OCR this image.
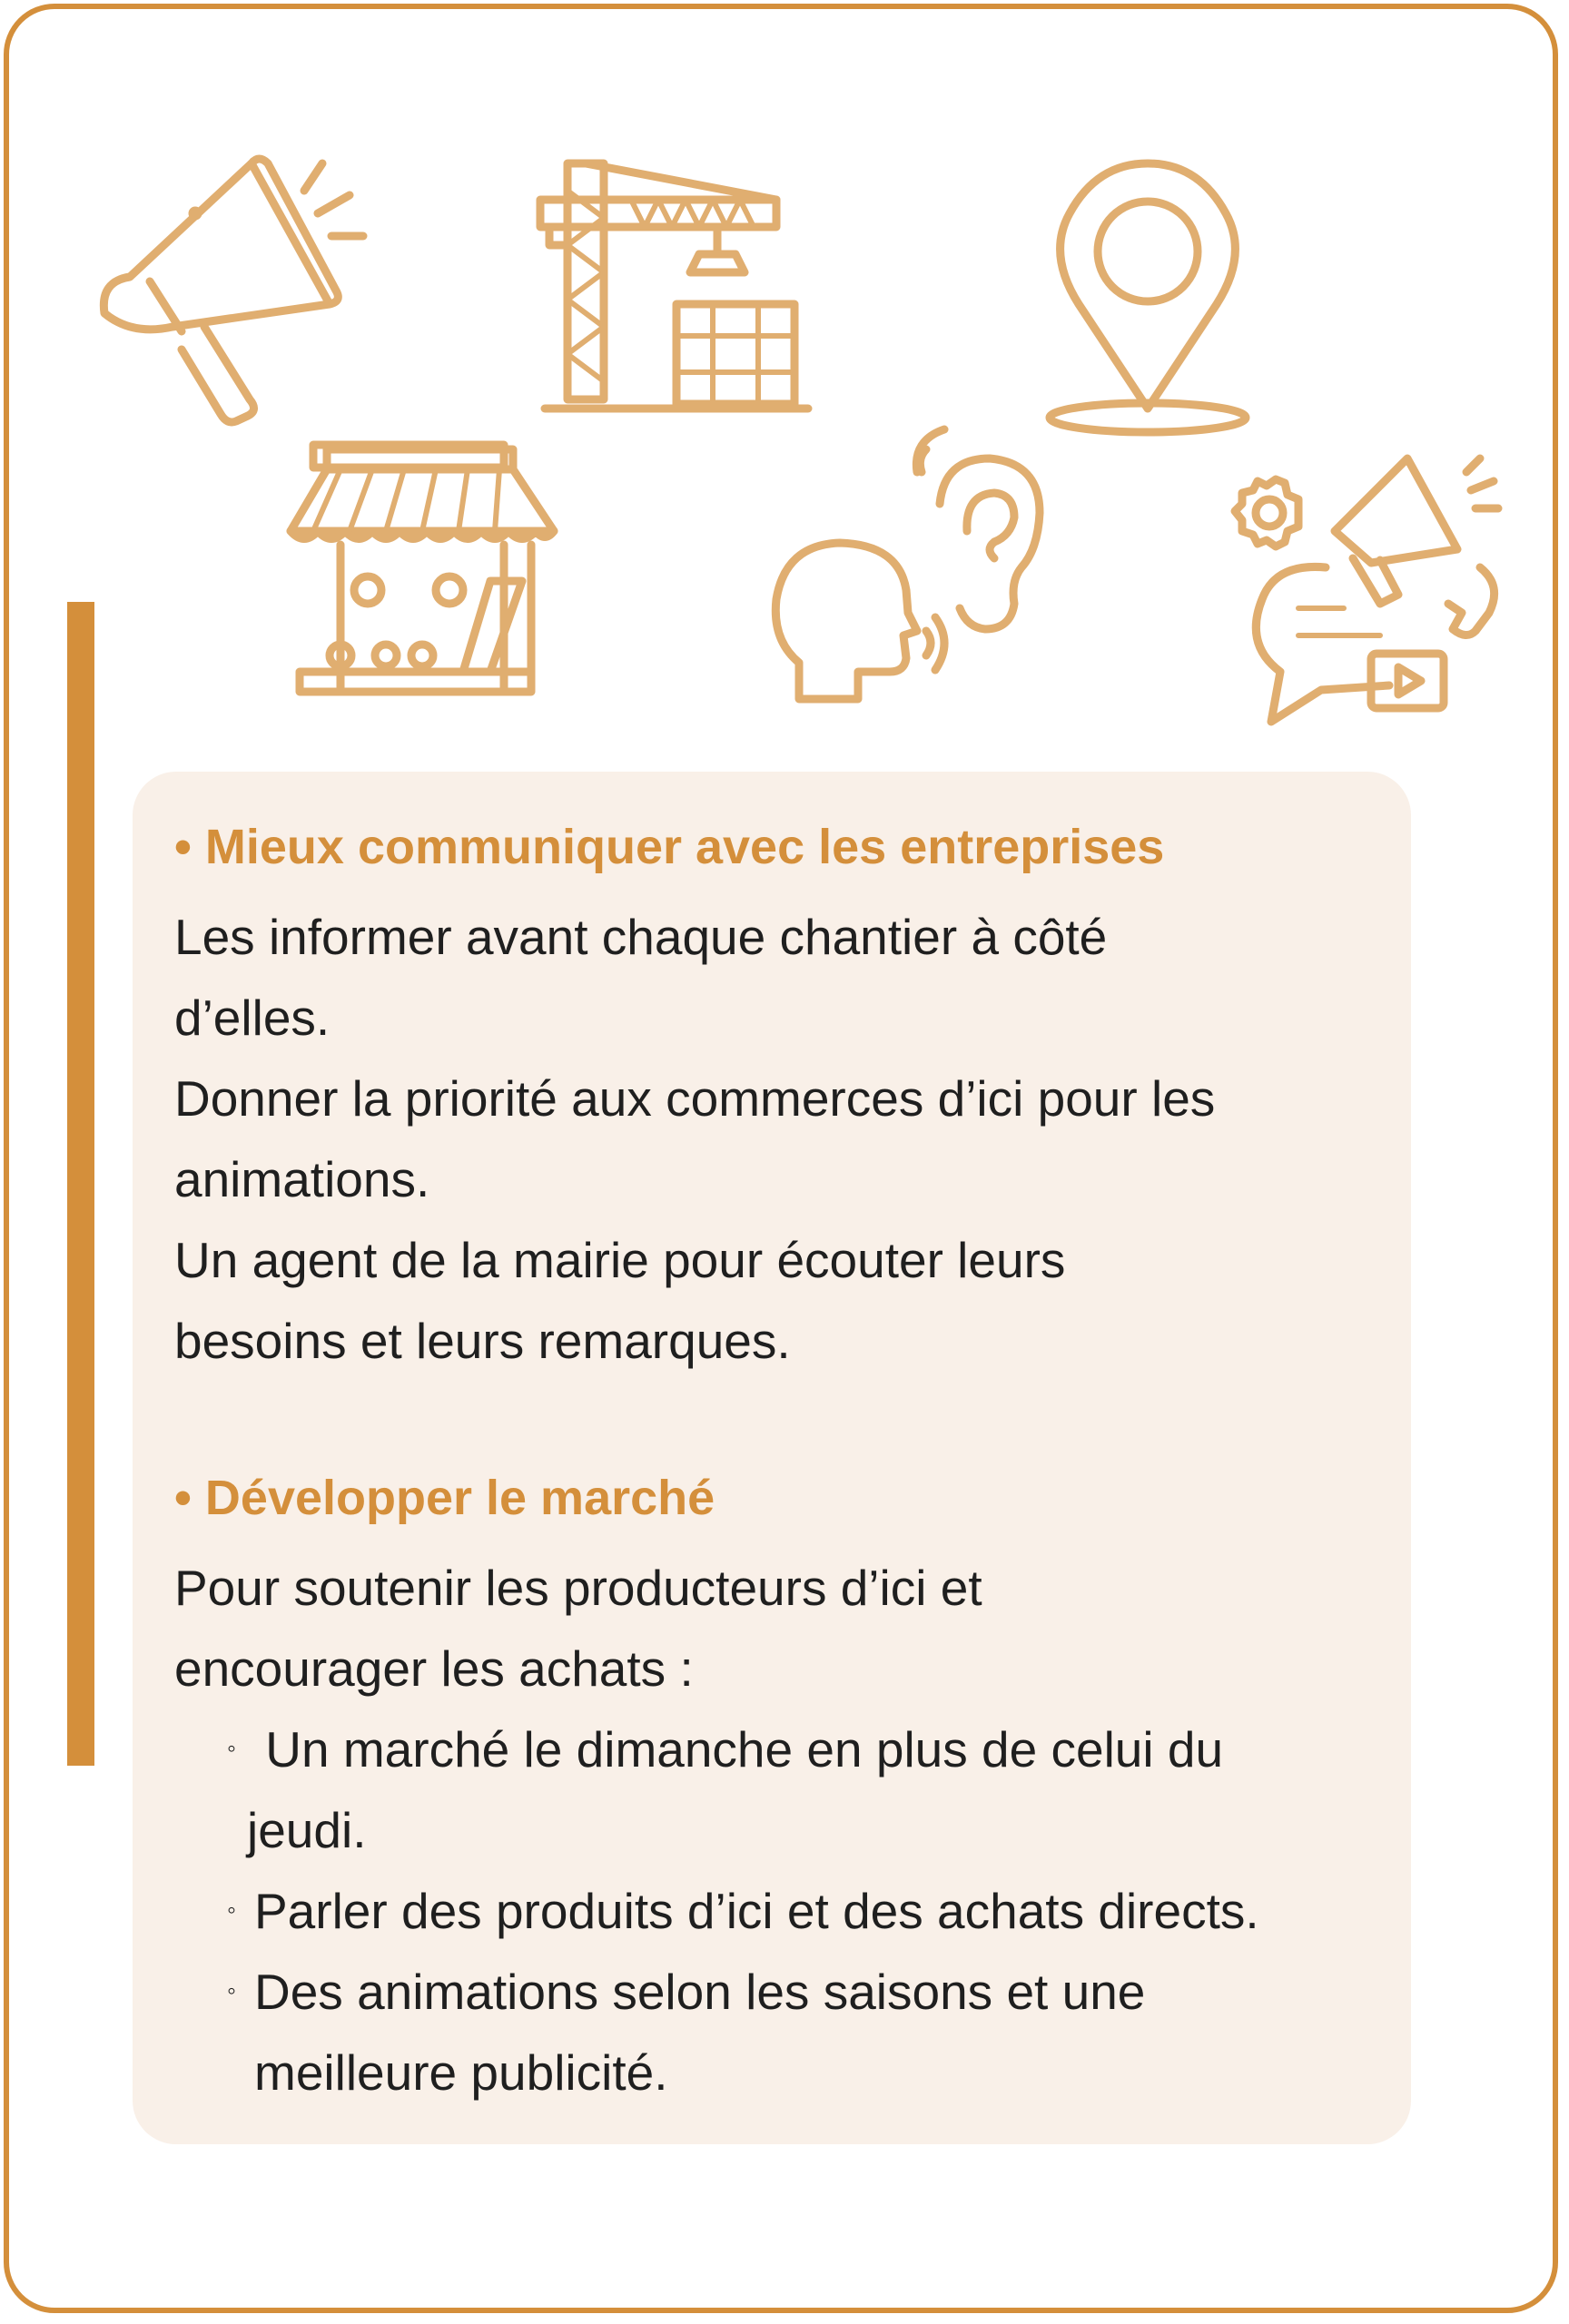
• Mieux communiquer avec les entreprises

Les informer avant chaque chantier à côté

d’elles.

Donner la priorité aux commerces d’ici pour les

animations.

Un agent de la mairie pour écouter leurs

besoins et leurs remarques.

• Développer le marché

Pour soutenir les producteurs d’ici et

encourager les achats :

◦ Un marché le dimanche en plus de celui du

jeudi.

◦ Parler des produits d’ici et des achats directs.

◦ Des animations selon les saisons et une

meilleure publicité.
